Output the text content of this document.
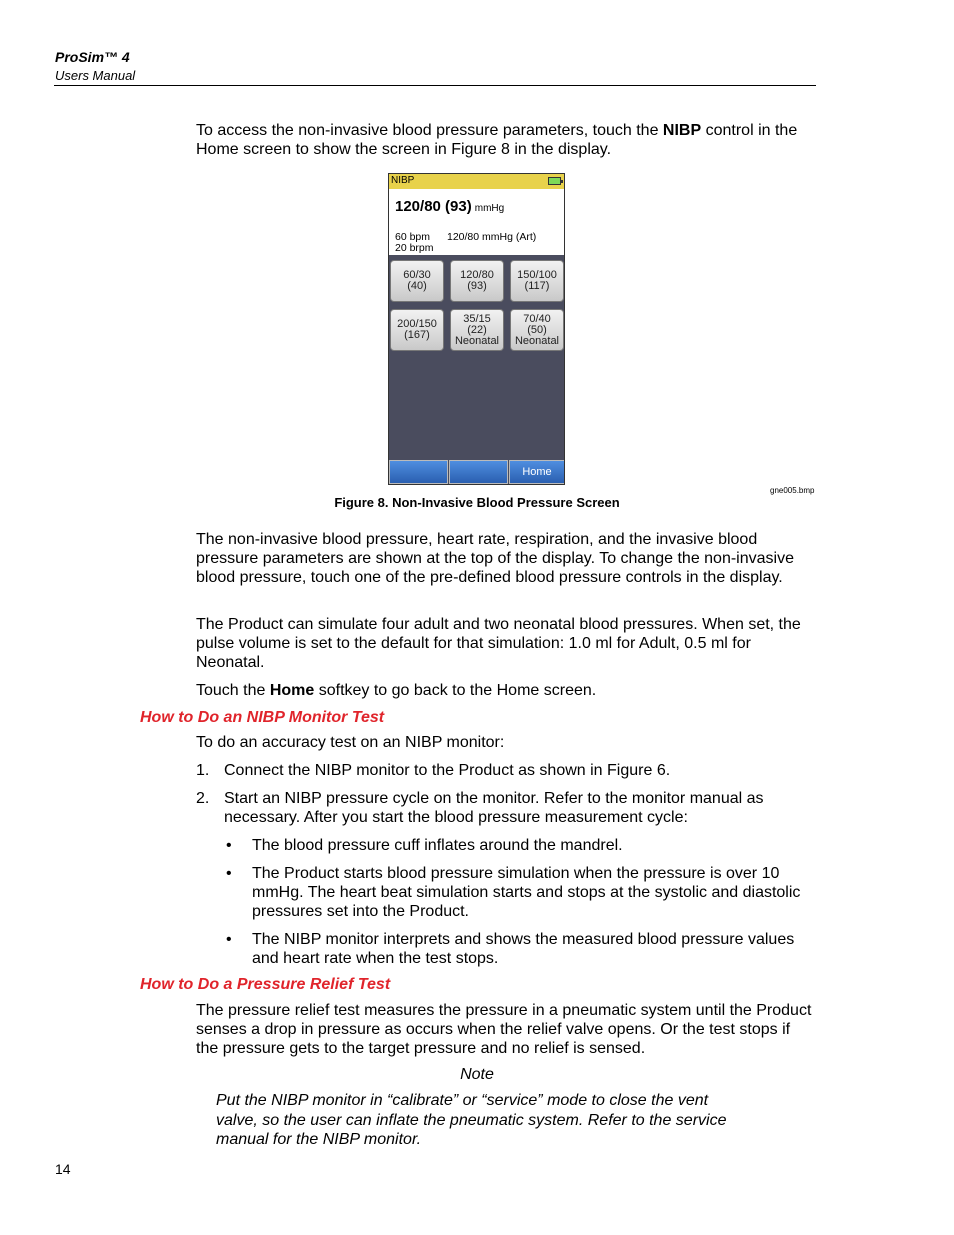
ProSim™ 4
Users Manual

To access the non-invasive blood pressure parameters, touch the NIBP control in the Home screen to show the screen in Figure 8 in the display.

NIBP
120/80 (93) mmHg
60 bpm 120/80 mmHg (Art)
20 brpm
60/30
(40)
120/80
(93)
150/100
(117)
200/150
(167)
35/15
(22)
Neonatal
70/40
(50)
Neonatal
Home
gne005.bmp
Figure 8. Non-Invasive Blood Pressure Screen

The non-invasive blood pressure, heart rate, respiration, and the invasive blood pressure parameters are shown at the top of the display. To change the non-invasive blood pressure, touch one of the pre-defined blood pressure controls in the display.

The Product can simulate four adult and two neonatal blood pressures. When set, the pulse volume is set to the default for that simulation: 1.0 ml for Adult, 0.5 ml for Neonatal.

Touch the Home softkey to go back to the Home screen.

How to Do an NIBP Monitor Test

To do an accuracy test on an NIBP monitor:

1. Connect the NIBP monitor to the Product as shown in Figure 6.
2. Start an NIBP pressure cycle on the monitor. Refer to the monitor manual as necessary. After you start the blood pressure measurement cycle:
• The blood pressure cuff inflates around the mandrel.
• The Product starts blood pressure simulation when the pressure is over 10 mmHg. The heart beat simulation starts and stops at the systolic and diastolic pressures set into the Product.
• The NIBP monitor interprets and shows the measured blood pressure values and heart rate when the test stops.
How to Do a Pressure Relief Test

The pressure relief test measures the pressure in a pneumatic system until the Product senses a drop in pressure as occurs when the relief valve opens. Or the test stops if the pressure gets to the target pressure and no relief is sensed.

Note
Put the NIBP monitor in “calibrate” or “service” mode to close the vent valve, so the user can inflate the pneumatic system. Refer to the service manual for the NIBP monitor.
14
